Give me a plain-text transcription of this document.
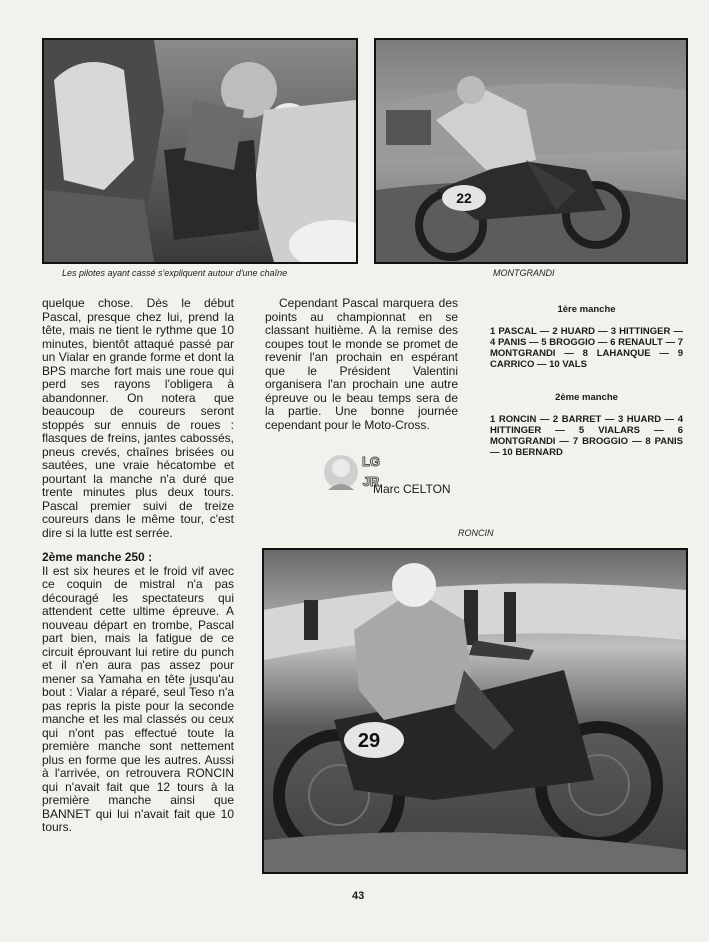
22
Les pilotes ayant cassé s'expliquent autour d'une chaîne	MONTGRANDI

quelque chose. Dès le début Pascal, presque chez lui, prend la tête, mais ne tient le rythme que 10 minutes, bientôt attaqué passé par un Vialar en grande forme et dont la BPS marche fort mais une roue qui perd ses rayons l'obligera à abandonner. On notera que beaucoup de coureurs seront stoppés sur ennuis de roues : flasques de freins, jantes cabossés, pneus crevés, chaînes brisées ou sautées, une vraie hécatombe et pourtant la manche n'a duré que trente minutes plus deux tours. Pascal premier suivi de treize coureurs dans le même tour, c'est dire si la lutte est serrée.

2ème manche 250 :

Il est six heures et le froid vif avec ce coquin de mistral n'a pas découragé les spectateurs qui attendent cette ultime épreuve. A nouveau départ en trombe, Pascal part bien, mais la fatigue de ce circuit éprouvant lui retire du punch et il n'en aura pas assez pour mener sa Yamaha en tête jusqu'au bout : Vialar a réparé, seul Teso n'a pas repris la piste pour la seconde manche et les mal classés ou ceux qui n'ont pas effectué toute la première manche sont nettement plus en forme que les autres. Aussi à l'arrivée, on retrouvera RONCIN qui n'avait fait que 12 tours à la première manche ainsi que BANNET qui lui n'avait fait que 10 tours.

Cependant Pascal marquera des points au championnat en se classant huitième. A la remise des coupes tout le monde se promet de revenir l'an prochain en espérant que le Président Valentini organisera l'an prochain une autre épreuve ou le beau temps sera de la partie. Une bonne journée cependant pour le Moto-Cross.

LG
JR
Marc CELTON

1ère manche

1 PASCAL — 2 HUARD — 3 HITTINGER — 4 PANIS — 5 BROGGIO — 6 RENAULT — 7 MONTGRANDI — 8 LAHANQUE — 9 CARRICO — 10 VALS

2ème manche

1 RONCIN — 2 BARRET — 3 HUARD — 4 HITTINGER — 5 VIALARS — 6 MONTGRANDI — 7 BROGGIO — 8 PANIS — 10 BERNARD

RONCIN
29
43
